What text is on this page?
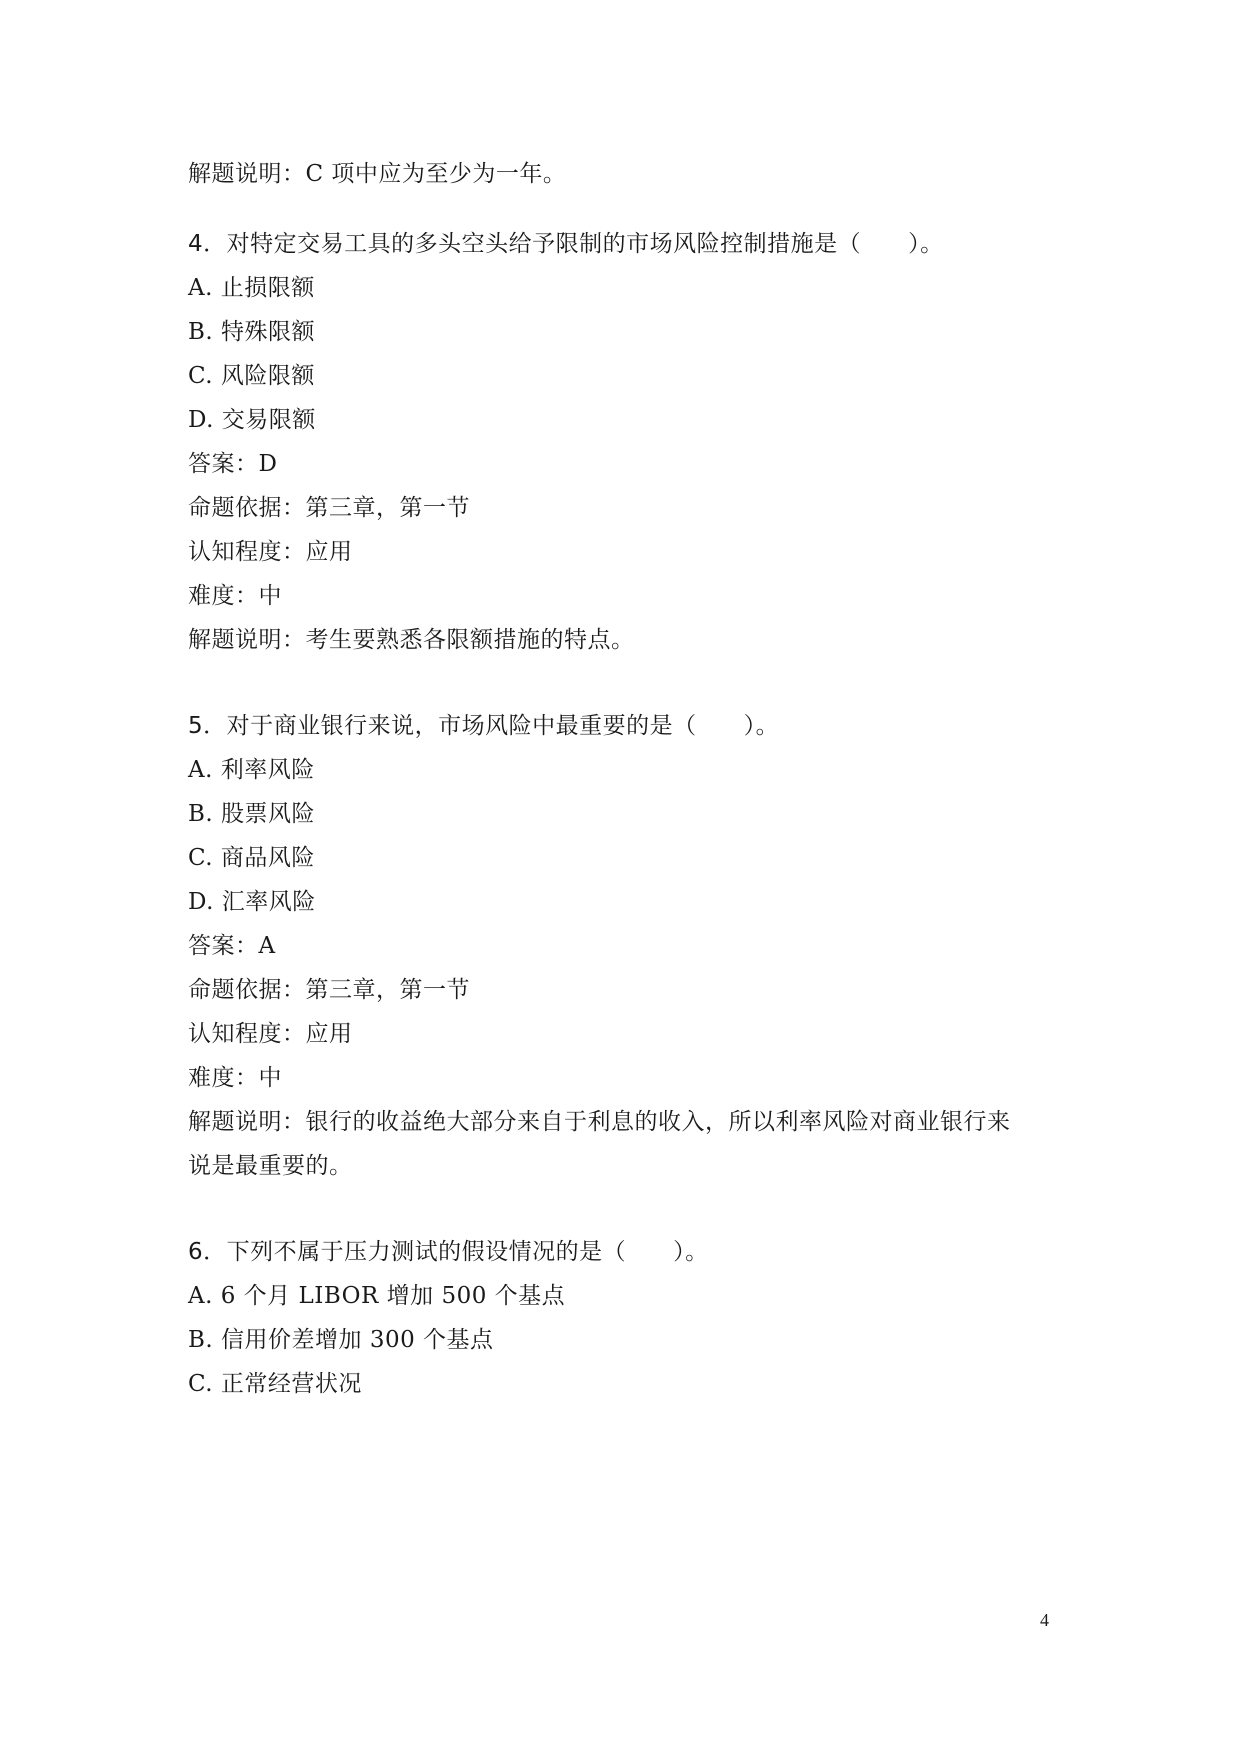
解题说明：C 项中应为至少为一年。
4．对特定交易工具的多头空头给予限制的市场风险控制措施是（　　）。
A. 止损限额
B. 特殊限额
C. 风险限额
D. 交易限额
答案：D
命题依据：第三章，第一节
认知程度：应用
难度：中
解题说明：考生要熟悉各限额措施的特点。
5．对于商业银行来说，市场风险中最重要的是（　　）。
A. 利率风险
B. 股票风险
C. 商品风险
D. 汇率风险
答案：A
命题依据：第三章，第一节
认知程度：应用
难度：中
解题说明：银行的收益绝大部分来自于利息的收入，所以利率风险对商业银行来
说是最重要的。
6．下列不属于压力测试的假设情况的是（　　）。
A. 6 个月 LIBOR 增加 500 个基点
B. 信用价差增加 300 个基点
C. 正常经营状况
4
